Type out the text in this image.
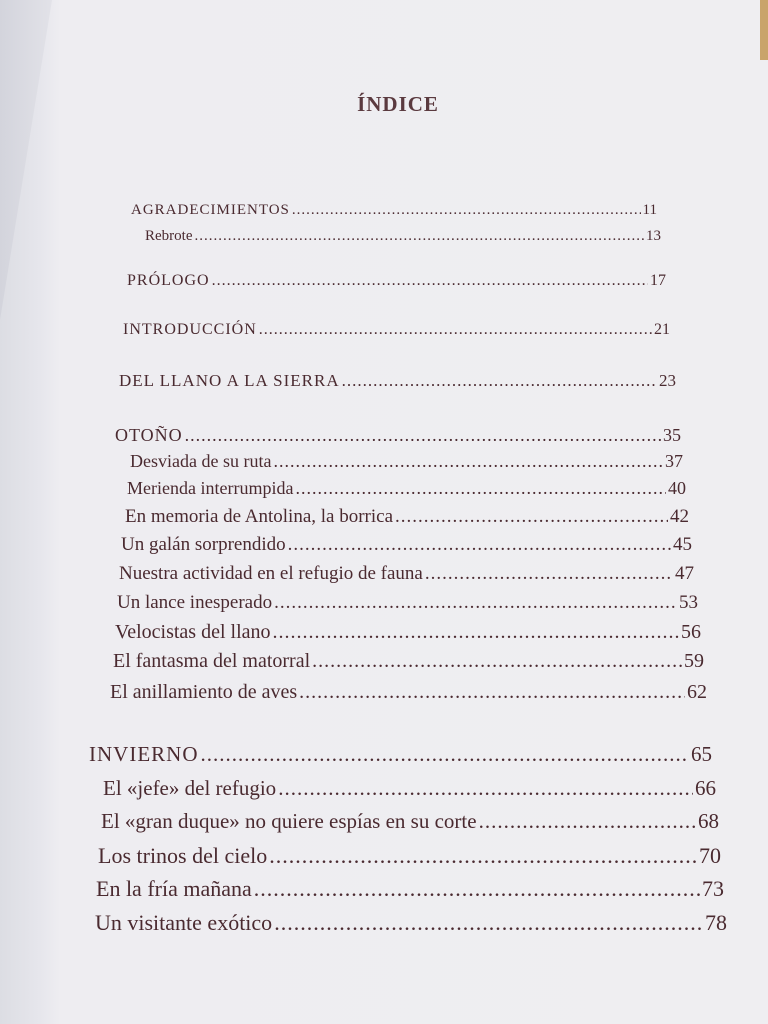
ÍNDICE
AGRADECIMIENTOS .....	11
Rebrote .....	13
PRÓLOGO .....	17
INTRODUCCIÓN .....	21
DEL LLANO A LA SIERRA .....	23
OTOÑO .....	35
Desviada de su ruta .....	37
Merienda interrumpida .....	40
En memoria de Antolina, la borrica .....	42
Un galán sorprendido .....	45
Nuestra actividad en el refugio de fauna .....	47
Un lance inesperado .....	53
Velocistas del llano .....	56
El fantasma del matorral .....	59
El anillamiento de aves .....	62
INVIERNO .....	65
El «jefe» del refugio .....	66
El «gran duque» no quiere espías en su corte .....	68
Los trinos del cielo .....	70
En la fría mañana .....	73
Un visitante exótico .....	78
